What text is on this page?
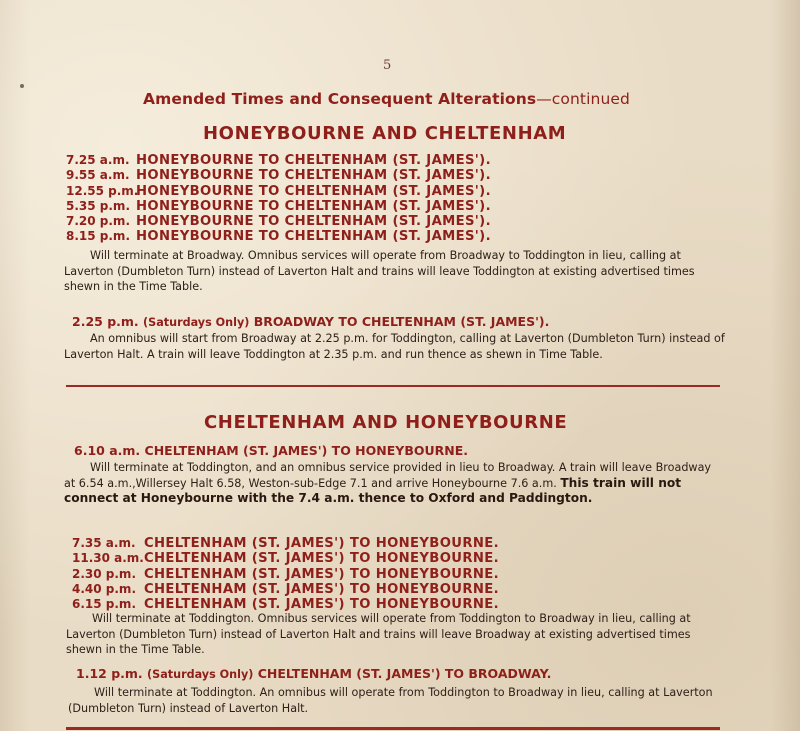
5
Amended Times and Consequent Alterations—continued
HONEYBOURNE AND CHELTENHAM
7.25 a.m. HONEYBOURNE TO CHELTENHAM (ST. JAMES').
9.55 a.m. HONEYBOURNE TO CHELTENHAM (ST. JAMES').
12.55 p.m.HONEYBOURNE TO CHELTENHAM (ST. JAMES').
5.35 p.m. HONEYBOURNE TO CHELTENHAM (ST. JAMES').
7.20 p.m. HONEYBOURNE TO CHELTENHAM (ST. JAMES').
8.15 p.m. HONEYBOURNE TO CHELTENHAM (ST. JAMES').

Will terminate at Broadway. Omnibus services will operate from Broadway to Toddington in lieu, calling at Laverton (Dumbleton Turn) instead of Laverton Halt and trains will leave Toddington at existing advertised times shewn in the Time Table.

2.25 p.m. (Saturdays Only) BROADWAY TO CHELTENHAM (ST. JAMES').

An omnibus will start from Broadway at 2.25 p.m. for Toddington, calling at Laverton (Dumbleton Turn) instead of Laverton Halt. A train will leave Toddington at 2.35 p.m. and run thence as shewn in Time Table.

CHELTENHAM AND HONEYBOURNE
6.10 a.m. CHELTENHAM (ST. JAMES') TO HONEYBOURNE.

Will terminate at Toddington, and an omnibus service provided in lieu to Broadway. A train will leave Broadway at 6.54 a.m.,Willersey Halt 6.58, Weston-sub-Edge 7.1 and arrive Honeybourne 7.6 a.m. This train will not connect at Honeybourne with the 7.4 a.m. thence to Oxford and Paddington.

7.35 a.m. CHELTENHAM (ST. JAMES') TO HONEYBOURNE.
11.30 a.m.CHELTENHAM (ST. JAMES') TO HONEYBOURNE.
2.30 p.m. CHELTENHAM (ST. JAMES') TO HONEYBOURNE.
4.40 p.m. CHELTENHAM (ST. JAMES') TO HONEYBOURNE.
6.15 p.m. CHELTENHAM (ST. JAMES') TO HONEYBOURNE.

Will terminate at Toddington. Omnibus services will operate from Toddington to Broadway in lieu, calling at Laverton (Dumbleton Turn) instead of Laverton Halt and trains will leave Broadway at existing advertised times shewn in the Time Table.

1.12 p.m. (Saturdays Only) CHELTENHAM (ST. JAMES') TO BROADWAY.

Will terminate at Toddington. An omnibus will operate from Toddington to Broadway in lieu, calling at Laverton (Dumbleton Turn) instead of Laverton Halt.
